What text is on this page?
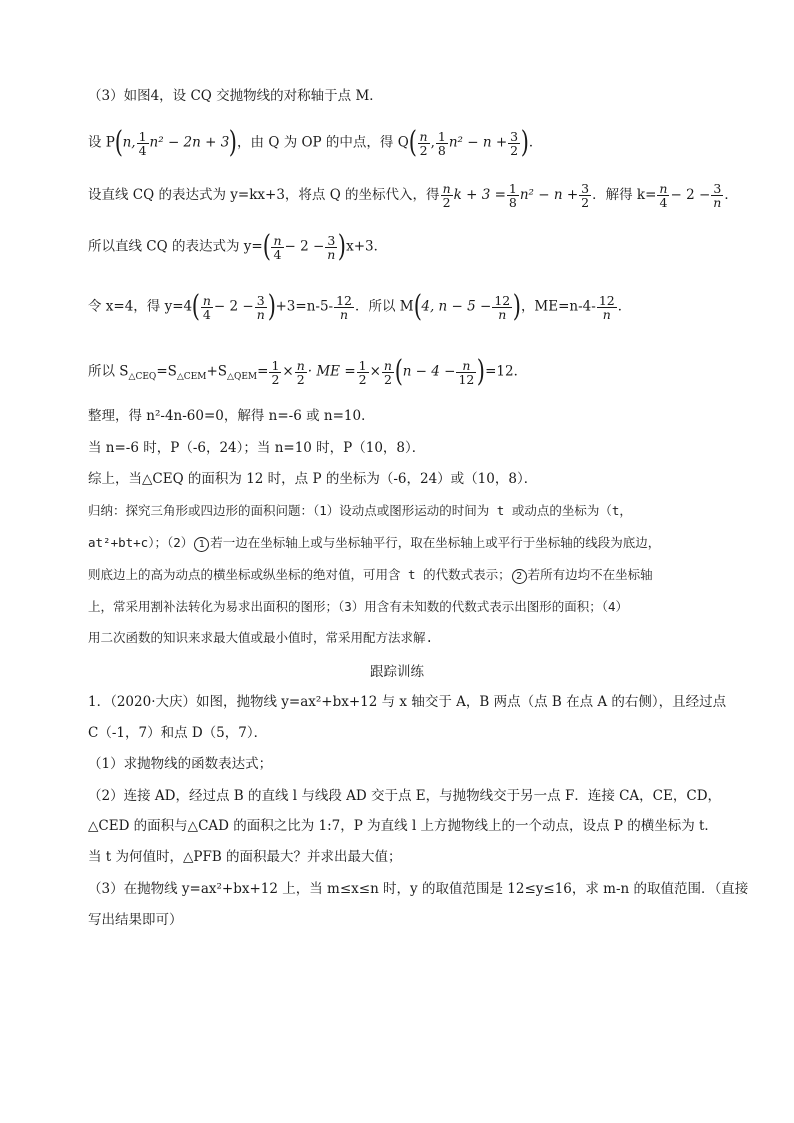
（3）如图4，设 CQ 交抛物线的对称轴于点 M．
设 P(n, $\frac{1}{4} n^2 - 2n + 3$)，由 Q 为 OP 的中点，得 $Q( \frac{n}{2}$ , $\frac{1}{8} n^2 - n + \frac{3}{2}$ )．
设直线 CQ 的表达式为 y=kx+3，将点 Q 的坐标代入，得 $\frac{n}{2}$ $k + 3 = \frac{1}{8} n^2 - n + \frac{3}{2}$ ．解得 $k= \frac{n}{4} - 2 - \frac{3}{n}$ ．
所以直线 CQ 的表达式为 $y=( \frac{n}{4} - 2 - \frac{3}{n} )x+3$．
令 x=4，得 $y=4( \frac{n}{4} - 2 - \frac{3}{n} )+3=n-5- \frac{12}{n}$ ．所以 M(4, $n - 5 - \frac{12}{n}$ )，$ME=n-4- \frac{12}{n}$ ．
所以 $S_{\triangle CEQ}=S_{\triangle CEM}+S_{\triangle QEM}= \frac{1}{2} \times \frac{n}{2}$ · ME = $\frac{1}{2} \times \frac{n}{2} (n - 4 - \frac{n}{12} )=12$．
整理，得 n²-4n-60=0，解得 n=-6 或 n=10．
当 n=-6 时，P（-6，24）；当 n=10 时，P（10，8）．
综上，当△CEQ 的面积为 12 时，点 P 的坐标为（-6，24）或（10，8）．
归纳：探究三角形或四边形的面积问题：（1）设动点或图形运动的时间为 t 或动点的坐标为（t，
at²+bt+c）；（2） 1 若一边在坐标轴上或与坐标轴平行，取在坐标轴上或平行于坐标轴的线段为底边，
则底边上的高为动点的横坐标或纵坐标的绝对值，可用含 t 的代数式表示； 2 若所有边均不在坐标轴
上，常采用割补法转化为易求出面积的图形；（3）用含有未知数的代数式表示出图形的面积；（4）
用二次函数的知识来求最大值或最小值时，常采用配方法求解.
跟踪训练
1．（2020·大庆）如图，抛物线 y=ax²+bx+12 与 x 轴交于 A，B 两点（点 B 在点 A 的右侧），且经过点
C（-1，7）和点 D（5，7）．
（1）求抛物线的函数表达式；
（2）连接 AD，经过点 B 的直线 l 与线段 AD 交于点 E，与抛物线交于另一点 F．连接 CA，CE，CD，
△CED 的面积与△CAD 的面积之比为 1:7，P 为直线 l 上方抛物线上的一个动点，设点 P 的横坐标为 t．
当 t 为何值时，△PFB 的面积最大？并求出最大值；
（3）在抛物线 y=ax²+bx+12 上，当 m≤x≤n 时，y 的取值范围是 12≤y≤16，求 m-n 的取值范围．（直接
写出结果即可）
